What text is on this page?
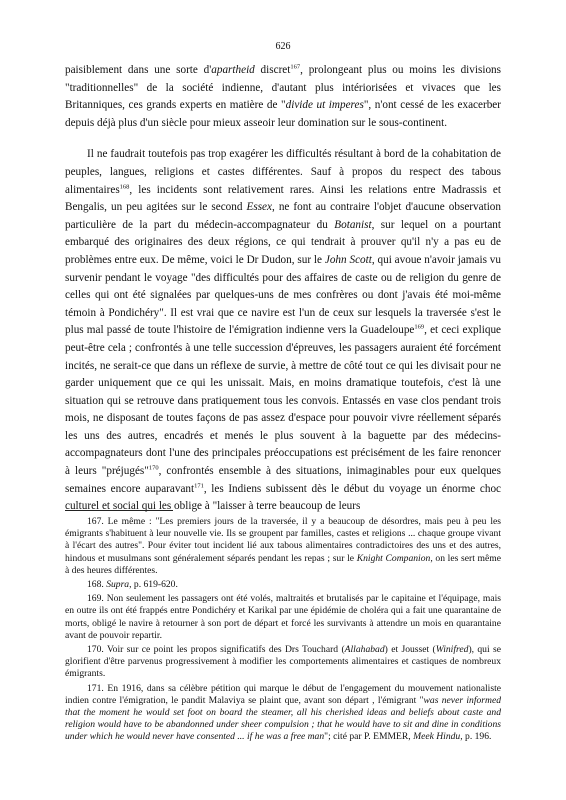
626

paisiblement dans une sorte d'apartheid discret$^{167}$, prolongeant plus ou moins les divisions "traditionnelles" de la société indienne, d'autant plus intériorisées et vivaces que les Britanniques, ces grands experts en matière de "divide ut imperes", n'ont cessé de les exacerber depuis déjà plus d'un siècle pour mieux asseoir leur domination sur le sous-continent.

Il ne faudrait toutefois pas trop exagérer les difficultés résultant à bord de la cohabitation de peuples, langues, religions et castes différentes. Sauf à propos du respect des tabous alimentaires$^{168}$, les incidents sont relativement rares. Ainsi les relations entre Madrassis et Bengalis, un peu agitées sur le second Essex, ne font au contraire l'objet d'aucune observation particulière de la part du médecin-accompagnateur du Botanist, sur lequel on a pourtant embarqué des originaires des deux régions, ce qui tendrait à prouver qu'il n'y a pas eu de problèmes entre eux. De même, voici le Dr Dudon, sur le John Scott, qui avoue n'avoir jamais vu survenir pendant le voyage "des difficultés pour des affaires de caste ou de religion du genre de celles qui ont été signalées par quelques-uns de mes confrères ou dont j'avais été moi-même témoin à Pondichéry". Il est vrai que ce navire est l'un de ceux sur lesquels la traversée s'est le plus mal passé de toute l'histoire de l'émigration indienne vers la Guadeloupe$^{169}$, et ceci explique peut-être cela ; confrontés à une telle succession d'épreuves, les passagers auraient été forcément incités, ne serait-ce que dans un réflexe de survie, à mettre de côté tout ce qui les divisait pour ne garder uniquement que ce qui les unissait. Mais, en moins dramatique toutefois, c'est là une situation qui se retrouve dans pratiquement tous les convois. Entassés en vase clos pendant trois mois, ne disposant de toutes façons de pas assez d'espace pour pouvoir vivre réellement séparés les uns des autres, encadrés et menés le plus souvent à la baguette par des médecins-accompagnateurs dont l'une des principales préoccupations est précisément de les faire renoncer à leurs "préjugés"$^{170}$, confrontés ensemble à des situations, inimaginables pour eux quelques semaines encore auparavant$^{171}$, les Indiens subissent dès le début du voyage un énorme choc culturel et social qui les oblige à "laisser à terre beaucoup de leurs

167. Le même : "Les premiers jours de la traversée, il y a beaucoup de désordres, mais peu à peu les émigrants s'habituent à leur nouvelle vie. Ils se groupent par familles, castes et religions ... chaque groupe vivant à l'écart des autres". Pour éviter tout incident lié aux tabous alimentaires contradictoires des uns et des autres, hindous et musulmans sont généralement séparés pendant les repas ; sur le Knight Companion, on les sert même à des heures différentes.

168. Supra, p. 619-620.

169. Non seulement les passagers ont été volés, maltraités et brutalisés par le capitaine et l'équipage, mais en outre ils ont été frappés entre Pondichéry et Karikal par une épidémie de choléra qui a fait une quarantaine de morts, obligé le navire à retourner à son port de départ et forcé les survivants à attendre un mois en quarantaine avant de pouvoir repartir.

170. Voir sur ce point les propos significatifs des Drs Touchard (Allahabad) et Jousset (Winifred), qui se glorifient d'être parvenus progressivement à modifier les comportements alimentaires et castiques de nombreux émigrants.

171. En 1916, dans sa célèbre pétition qui marque le début de l'engagement du mouvement nationaliste indien contre l'émigration, le pandit Malaviya se plaint que, avant son départ , l'émigrant "was never informed that the moment he would set foot on board the steamer, all his cherished ideas and beliefs about caste and religion would have to be abandonned under sheer compulsion ; that he would have to sit and dine in conditions under which he would never have consented ... if he was a free man"; cité par P. EMMER, Meek Hindu, p. 196.
